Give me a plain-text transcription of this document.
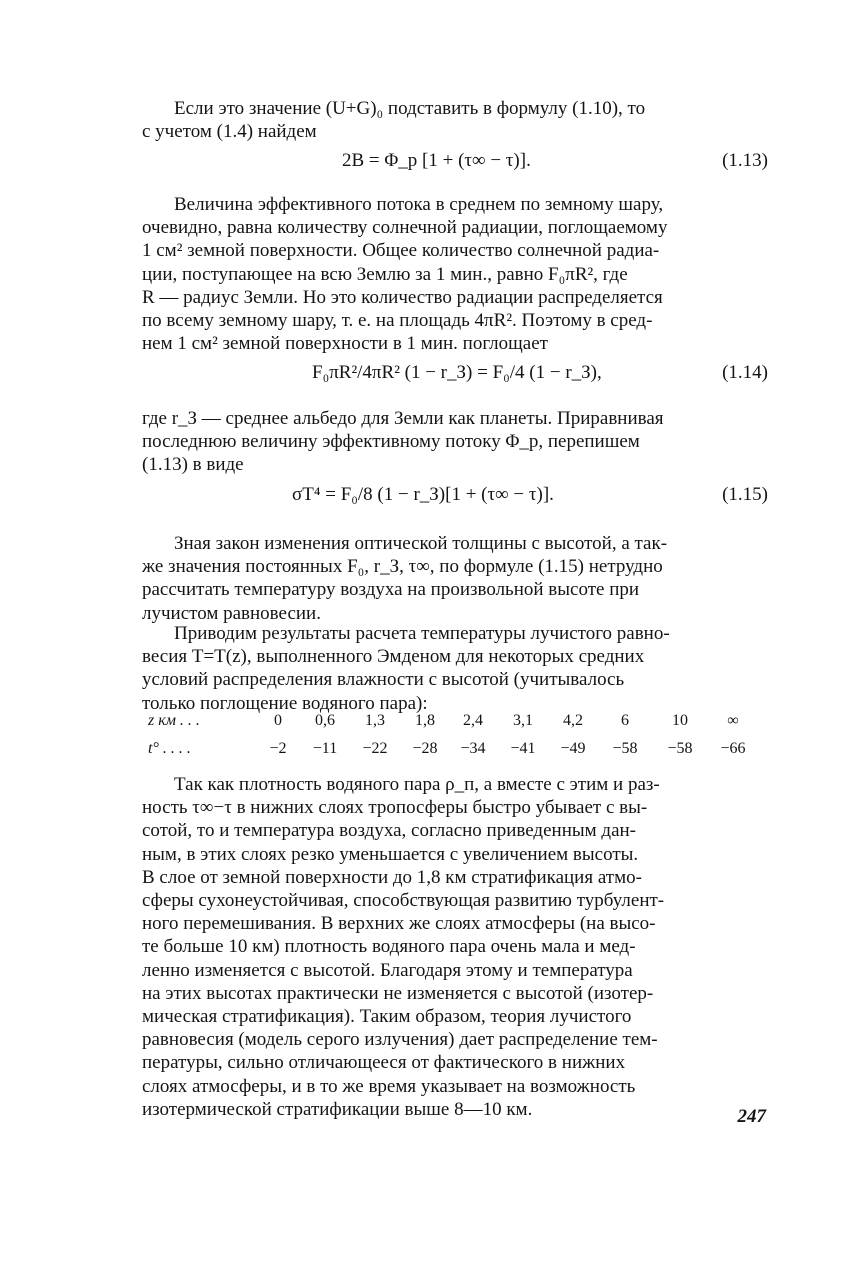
Если это значение (U+G)₀ подставить в формулу (1.10), то
с учетом (1.4) найдем
2B = Φ_p [1 + (τ∞ − τ)].	(1.13)
Величина эффективного потока в среднем по земному шару,
очевидно, равна количеству солнечной радиации, поглощаемому
1 см² земной поверхности. Общее количество солнечной радиа-
ции, поступающее на всю Землю за 1 мин., равно F₀πR², где
R — радиус Земли. Но это количество радиации распределяется
по всему земному шару, т. е. на площадь 4πR². Поэтому в сред-
нем 1 см² земной поверхности в 1 мин. поглощает
F₀πR²/4πR² (1 − r_З) = F₀/4 (1 − r_З),	(1.14)
где r_З — среднее альбедо для Земли как планеты. Приравнивая
последнюю величину эффективному потоку Φ_p, перепишем
(1.13) в виде
σT⁴ = F₀/8 (1 − r_З)[1 + (τ∞ − τ)].	(1.15)
Зная закон изменения оптической толщины с высотой, а так-
же значения постоянных F₀, r_З, τ∞, по формуле (1.15) нетрудно
рассчитать температуру воздуха на произвольной высоте при
лучистом равновесии.
Приводим результаты расчета температуры лучистого равно-
весия T=T(z), выполненного Эмденом для некоторых средних
условий распределения влажности с высотой (учитывалось
только поглощение водяного пара):
z км . . .	0	0,6	1,3	1,8	2,4	3,1	4,2	6	10	∞
t° . . . .	−2	−11	−22	−28	−34	−41	−49	−58	−58	−66
Так как плотность водяного пара ρ_п, а вместе с этим и раз-
ность τ∞−τ в нижних слоях тропосферы быстро убывает с вы-
сотой, то и температура воздуха, согласно приведенным дан-
ным, в этих слоях резко уменьшается с увеличением высоты.
В слое от земной поверхности до 1,8 км стратификация атмо-
сферы сухонеустойчивая, способствующая развитию турбулент-
ного перемешивания. В верхних же слоях атмосферы (на высо-
те больше 10 км) плотность водяного пара очень мала и мед-
ленно изменяется с высотой. Благодаря этому и температура
на этих высотах практически не изменяется с высотой (изотер-
мическая стратификация). Таким образом, теория лучистого
равновесия (модель серого излучения) дает распределение тем-
пературы, сильно отличающееся от фактического в нижних
слоях атмосферы, и в то же время указывает на возможность
изотермической стратификации выше 8—10 км.	247
